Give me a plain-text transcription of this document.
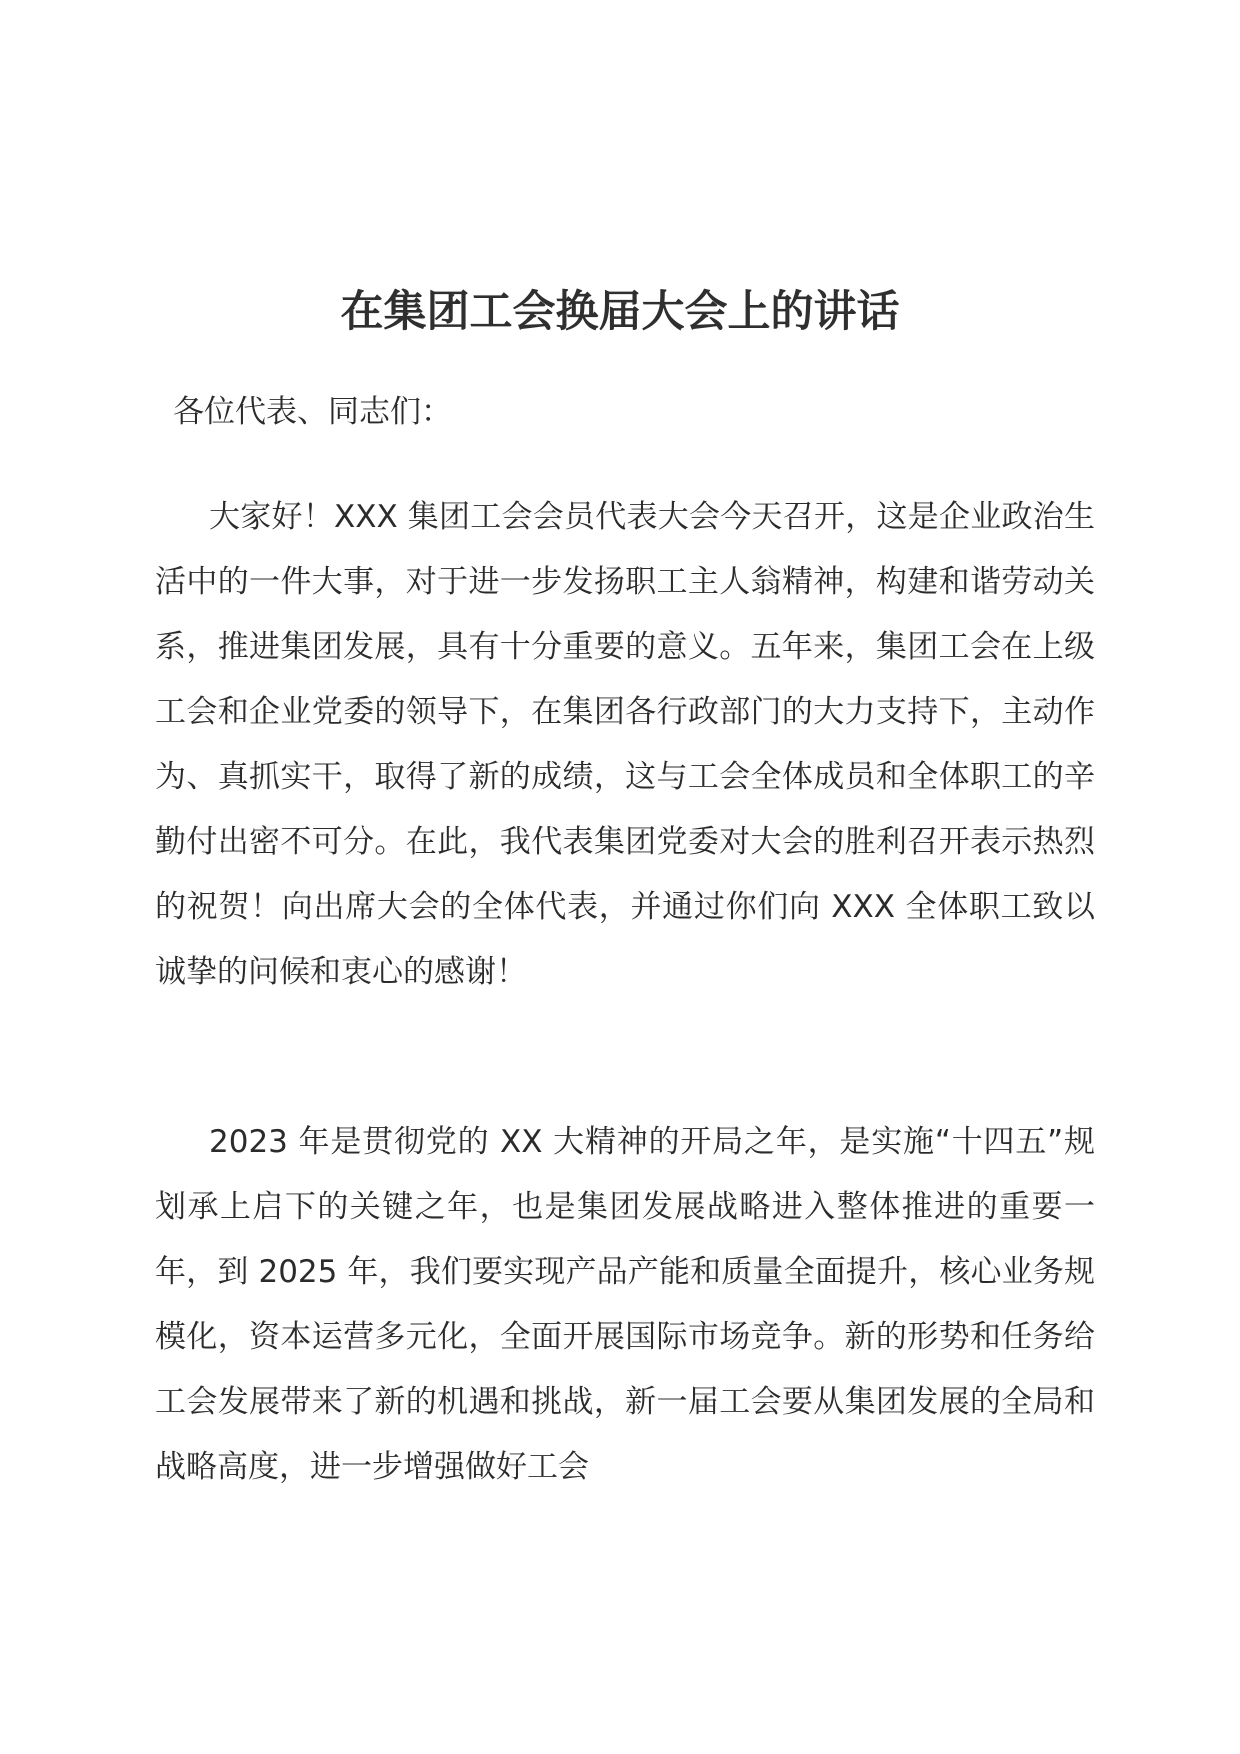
在集团工会换届大会上的讲话

各位代表、同志们：

大家好！XXX 集团工会会员代表大会今天召开，这是企业政治生活中的一件大事，对于进一步发扬职工主人翁精神，构建和谐劳动关系，推进集团发展，具有十分重要的意义。五年来，集团工会在上级工会和企业党委的领导下，在集团各行政部门的大力支持下，主动作为、真抓实干，取得了新的成绩，这与工会全体成员和全体职工的辛勤付出密不可分。在此，我代表集团党委对大会的胜利召开表示热烈的祝贺！向出席大会的全体代表，并通过你们向 XXX 全体职工致以诚挚的问候和衷心的感谢！

2023 年是贯彻党的 XX 大精神的开局之年，是实施“十四五”规划承上启下的关键之年，也是集团发展战略进入整体推进的重要一年，到 2025 年，我们要实现产品产能和质量全面提升，核心业务规模化，资本运营多元化，全面开展国际市场竞争。新的形势和任务给工会发展带来了新的机遇和挑战，新一届工会要从集团发展的全局和战略高度，进一步增强做好工会
